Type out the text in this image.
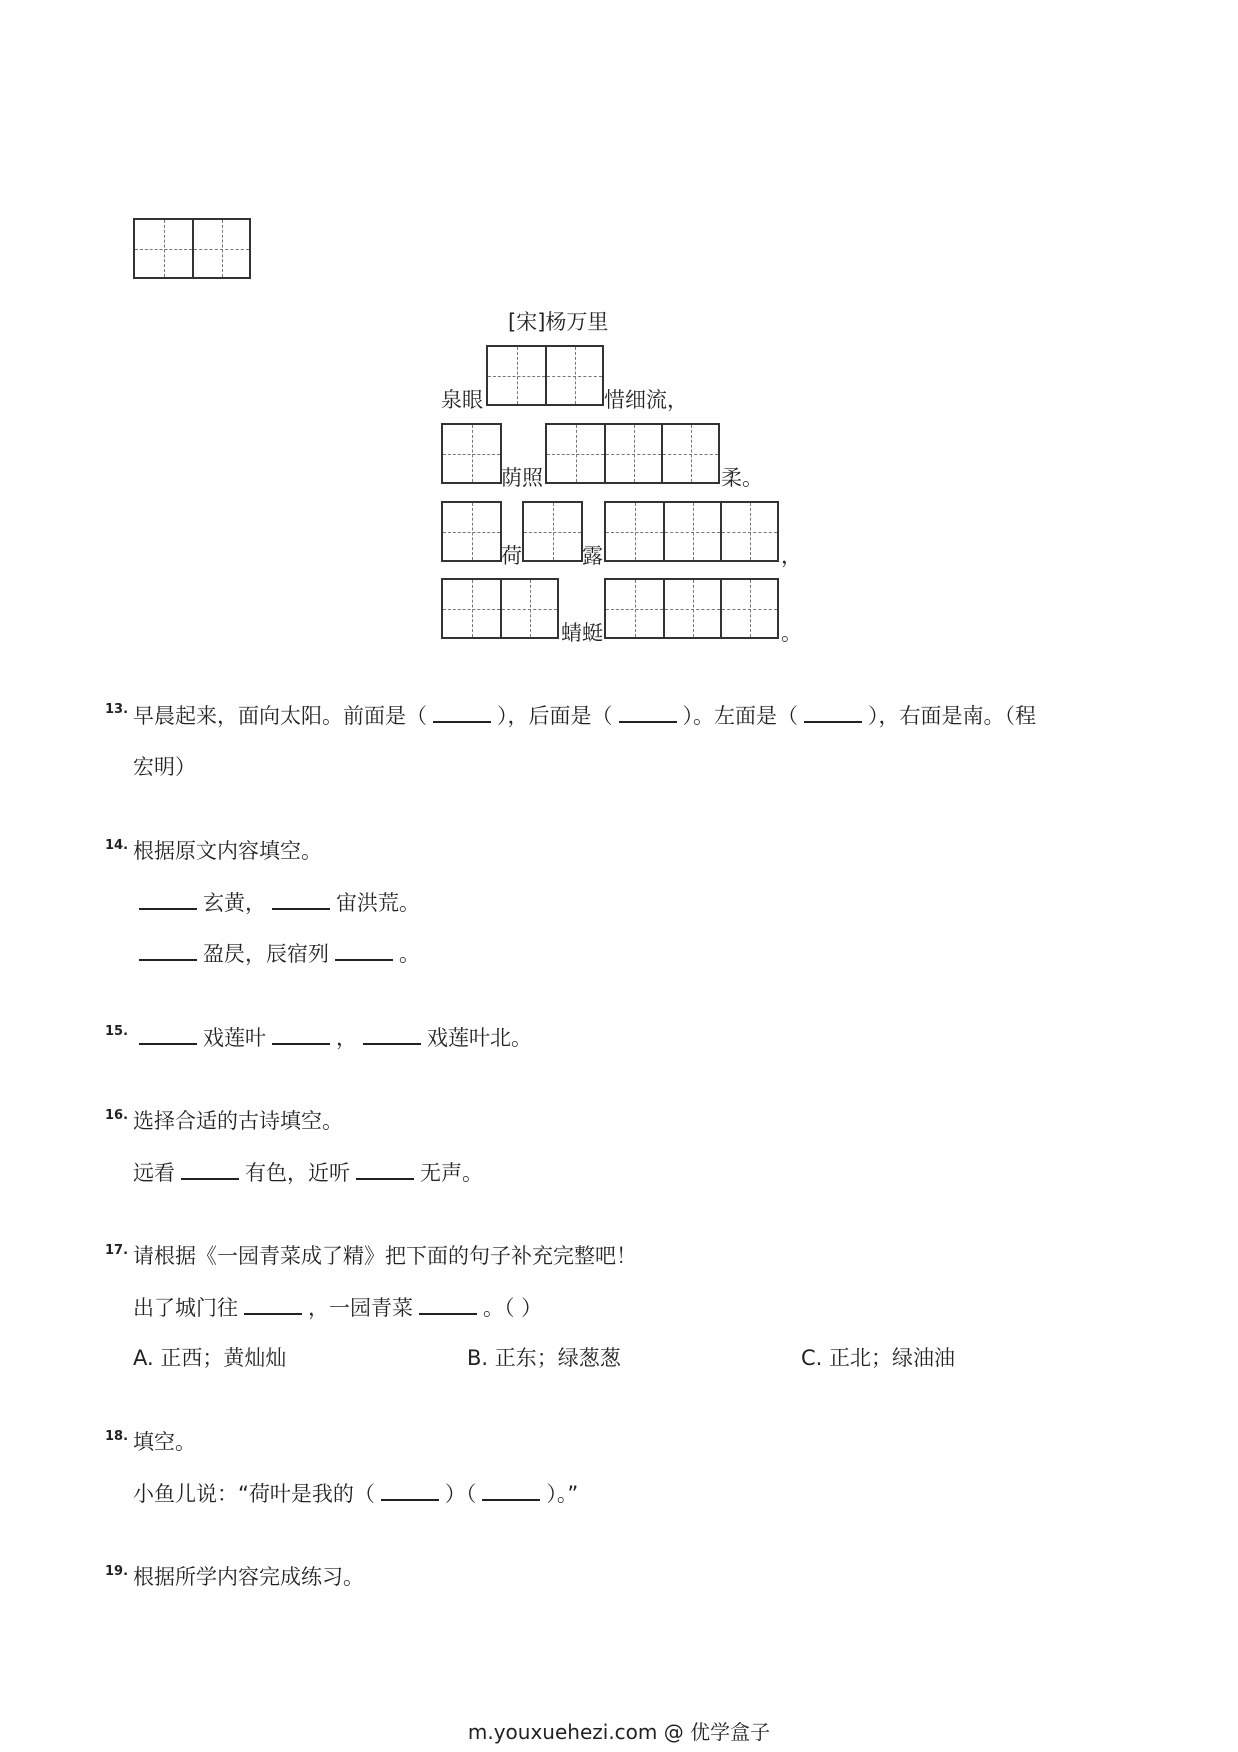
[宋]杨万里
泉眼	惜细流，
荫照	柔。
荷	露	，
蜻蜓	。
13. 早晨起来，面向太阳。前面是（	），后面是（	）。左面是（	），右面是南。（程
宏明）
14. 根据原文内容填空。
玄黄，	宙洪荒。
盈昃，辰宿列	。
15.	戏莲叶	，	戏莲叶北。
16. 选择合适的古诗填空。
远看	有色，近听	无声。
17. 请根据《一园青菜成了精》把下面的句子补充完整吧！
出了城门往	，一园青菜	。（ ）
A. 正西；黄灿灿	B. 正东；绿葱葱	C. 正北；绿油油
18. 填空。
小鱼儿说：“荷叶是我的（	）（	）。”
19. 根据所学内容完成练习。
m.youxuehezi.com @ 优学盒子
